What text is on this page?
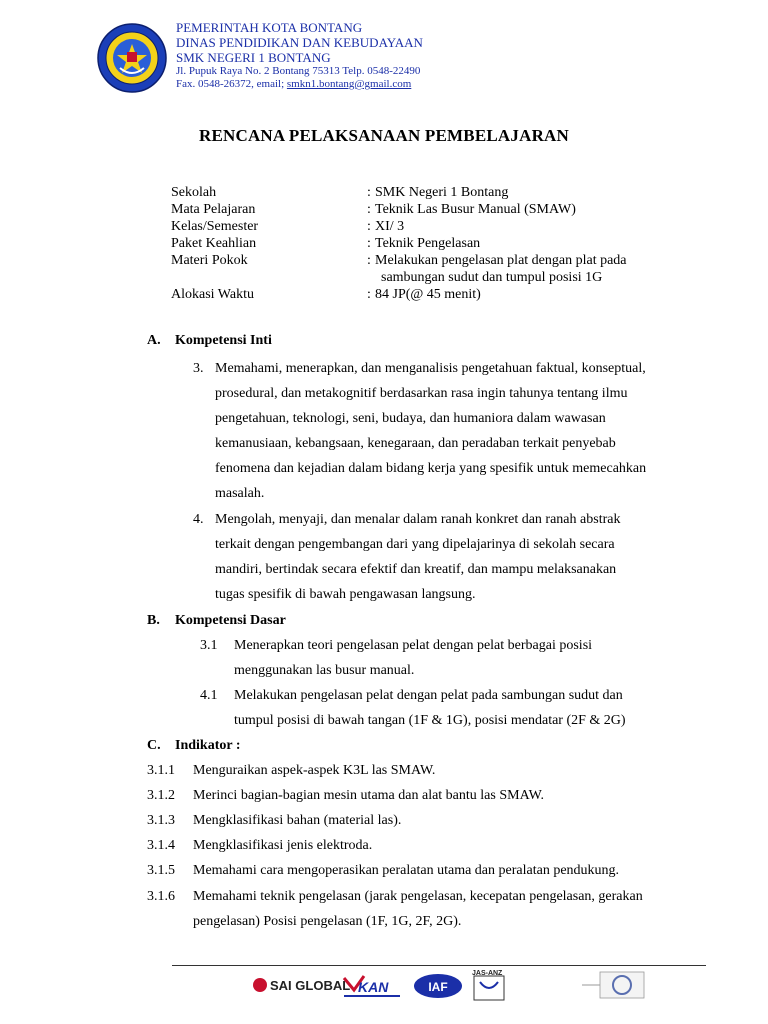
PEMERINTAH KOTA BONTANG
DINAS PENDIDIKAN DAN KEBUDAYAAN
SMK NEGERI 1 BONTANG
Jl. Pupuk Raya No. 2 Bontang 75313 Telp. 0548-22490
Fax. 0548-26372, email; smkn1.bontang@gmail.com
RENCANA PELAKSANAAN PEMBELAJARAN
Sekolah	: SMK Negeri 1 Bontang
Mata Pelajaran	: Teknik Las Busur Manual (SMAW)
Kelas/Semester	: XI/ 3
Paket Keahlian	: Teknik Pengelasan
Materi Pokok	: Melakukan pengelasan plat dengan plat pada
sambungan sudut dan tumpul posisi 1G
Alokasi Waktu	: 84 JP(@ 45 menit)
A. Kompetensi Inti
3. Memahami, menerapkan, dan menganalisis pengetahuan faktual, konseptual,
prosedural, dan metakognitif berdasarkan rasa ingin tahunya tentang ilmu
pengetahuan, teknologi, seni, budaya, dan humaniora dalam wawasan
kemanusiaan, kebangsaan, kenegaraan, dan peradaban terkait penyebab
fenomena dan kejadian dalam bidang kerja yang spesifik untuk memecahkan
masalah.
4. Mengolah, menyaji, dan menalar dalam ranah konkret dan ranah abstrak
terkait dengan pengembangan dari yang dipelajarinya di sekolah secara
mandiri, bertindak secara efektif dan kreatif, dan mampu melaksanakan
tugas spesifik di bawah pengawasan langsung.
B. Kompetensi Dasar
3.1 Menerapkan teori pengelasan pelat dengan pelat berbagai posisi
menggunakan las busur manual.
4.1 Melakukan pengelasan pelat dengan pelat pada sambungan sudut dan
tumpul posisi di bawah tangan (1F & 1G), posisi mendatar (2F & 2G)
C. Indikator :
3.1.1 Menguraikan aspek-aspek K3L las SMAW.
3.1.2 Merinci bagian-bagian mesin utama dan alat bantu las SMAW.
3.1.3 Mengklasifikasi bahan (material las).
3.1.4 Mengklasifikasi jenis elektroda.
3.1.5 Memahami cara mengoperasikan peralatan utama dan peralatan pendukung.
3.1.6 Memahami teknik pengelasan (jarak pengelasan, kecepatan pengelasan, gerakan
pengelasan) Posisi pengelasan (1F, 1G, 2F, 2G).
SAI GLOBAL KAN	IAF
JAS-ANZ
